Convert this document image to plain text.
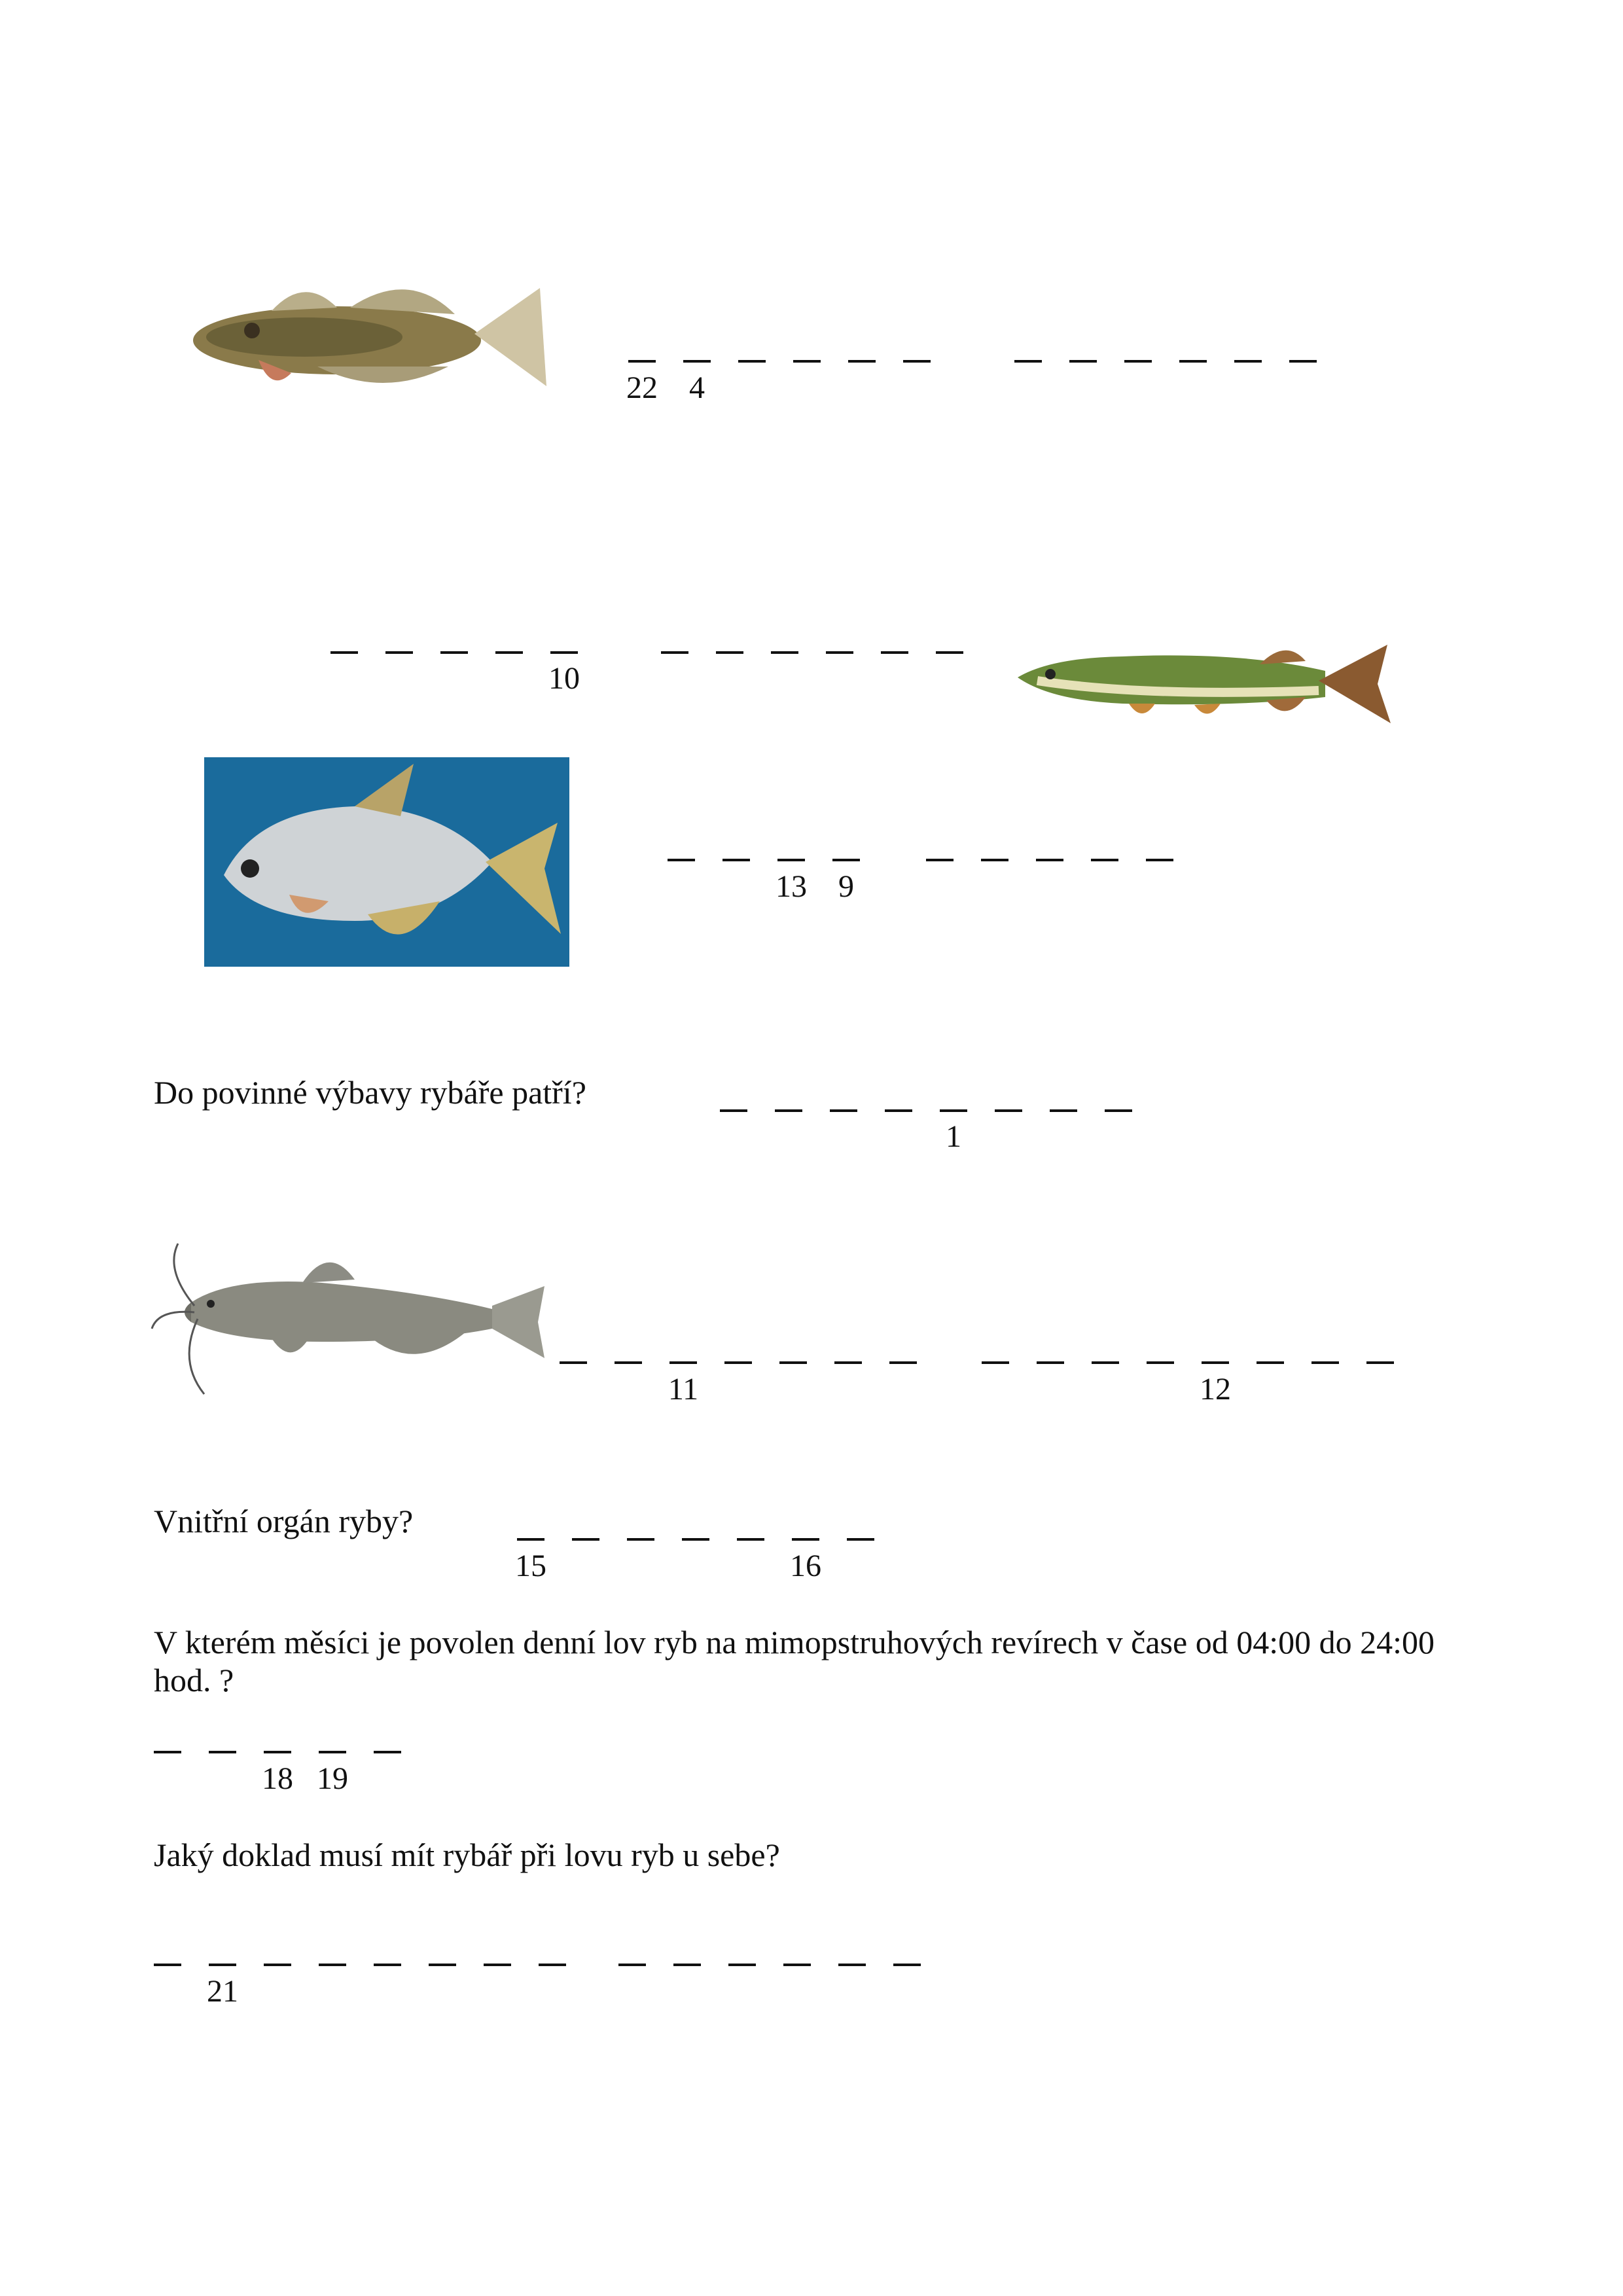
22	4
10
13	9
Do povinné výbavy rybáře patří?
1
11	12
Vnitřní orgán ryby?
15	16
V kterém měsíci je povolen denní lov ryb na mimopstruhových revírech v čase od 04:00 do 24:00 hod. ?
18 19
Jaký doklad musí mít rybář při lovu ryb u sebe?
21
